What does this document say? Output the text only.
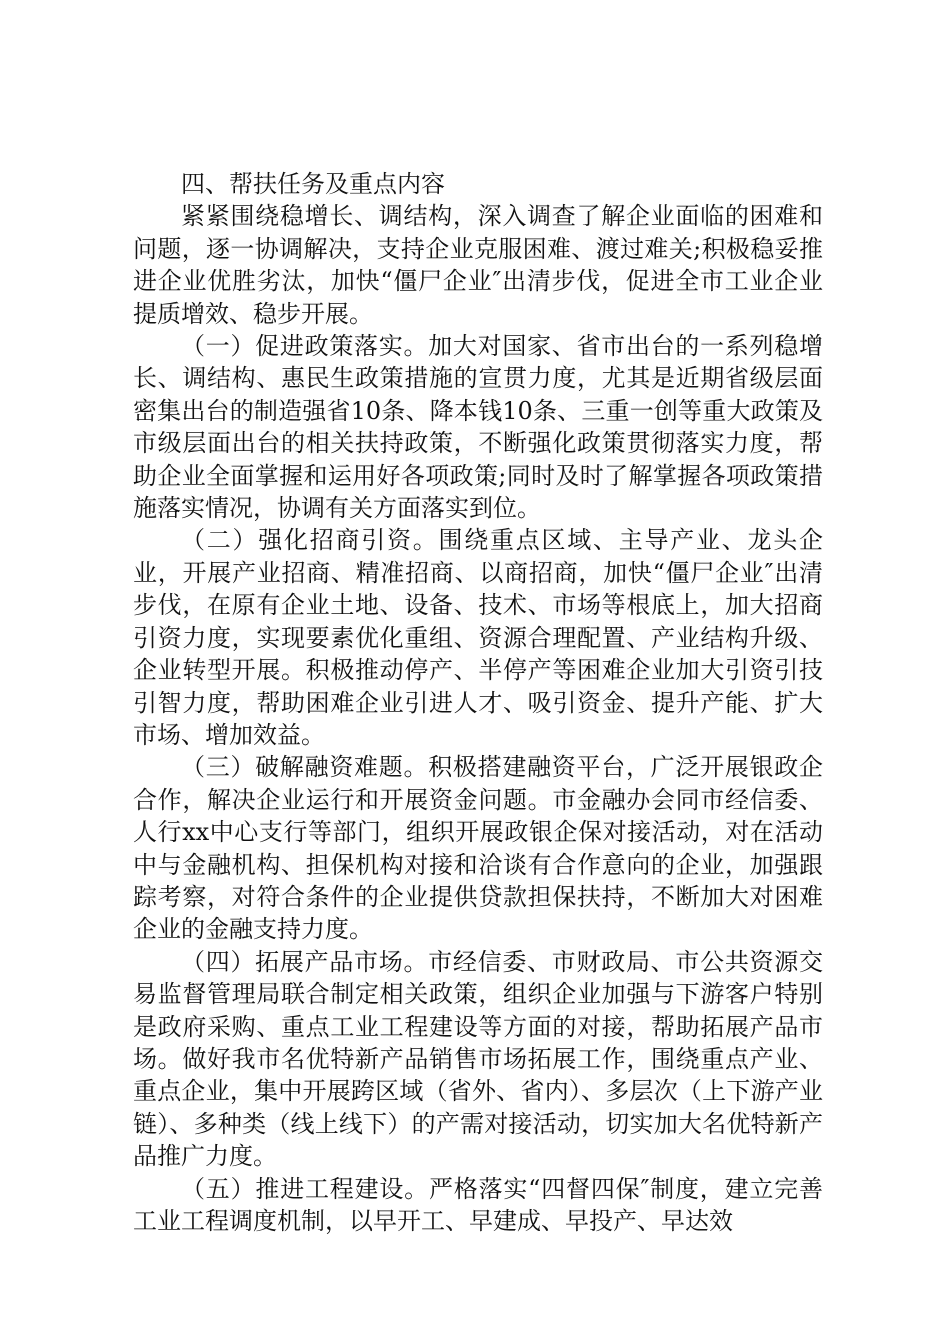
四、帮扶任务及重点内容

紧紧围绕稳增长、调结构，深入调查了解企业面临的困难和问题，逐一协调解决，支持企业克服困难、渡过难关;积极稳妥推进企业优胜劣汰，加快“僵尸企业″出清步伐，促进全市工业企业提质增效、稳步开展。

（一）促进政策落实。加大对国家、省市出台的一系列稳增长、调结构、惠民生政策措施的宣贯力度，尤其是近期省级层面密集出台的制造强省10条、降本钱10条、三重一创等重大政策及市级层面出台的相关扶持政策，不断强化政策贯彻落实力度，帮助企业全面掌握和运用好各项政策;同时及时了解掌握各项政策措施落实情况，协调有关方面落实到位。

（二）强化招商引资。围绕重点区域、主导产业、龙头企业，开展产业招商、精准招商、以商招商，加快“僵尸企业″出清步伐，在原有企业土地、设备、技术、市场等根底上，加大招商引资力度，实现要素优化重组、资源合理配置、产业结构升级、企业转型开展。积极推动停产、半停产等困难企业加大引资引技引智力度，帮助困难企业引进人才、吸引资金、提升产能、扩大市场、增加效益。

（三）破解融资难题。积极搭建融资平台，广泛开展银政企合作，解决企业运行和开展资金问题。市金融办会同市经信委、人行xx中心支行等部门，组织开展政银企保对接活动，对在活动中与金融机构、担保机构对接和洽谈有合作意向的企业，加强跟踪考察，对符合条件的企业提供贷款担保扶持，不断加大对困难企业的金融支持力度。

（四）拓展产品市场。市经信委、市财政局、市公共资源交易监督管理局联合制定相关政策，组织企业加强与下游客户特别是政府采购、重点工业工程建设等方面的对接，帮助拓展产品市场。做好我市名优特新产品销售市场拓展工作，围绕重点产业、重点企业，集中开展跨区域（省外、省内）、多层次（上下游产业链）、多种类（线上线下）的产需对接活动，切实加大名优特新产品推广力度。

（五）推进工程建设。严格落实“四督四保″制度，建立完善工业工程调度机制，以早开工、早建成、早投产、早达效
